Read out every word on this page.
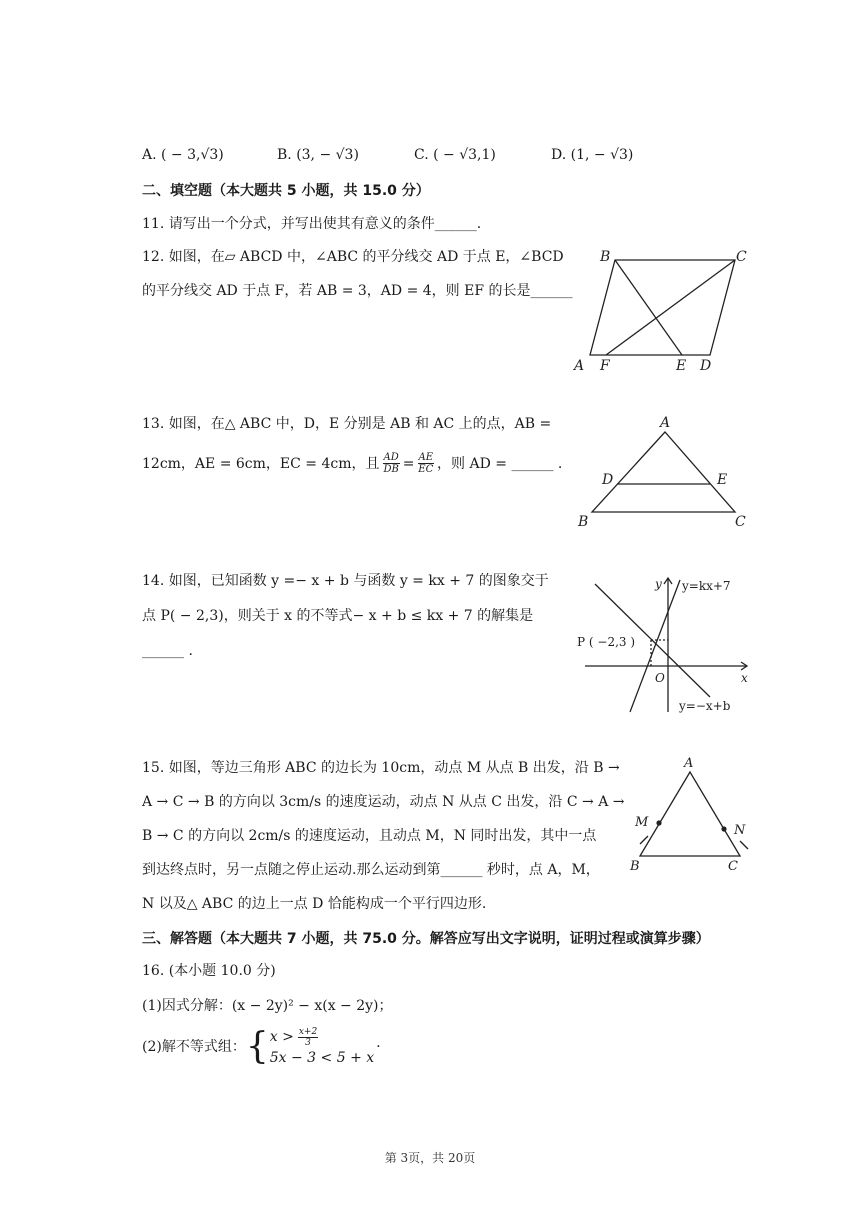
A. ( − 3,√3)	B. (3, − √3)	C. ( − √3,1)	D. (1, − √3)
二、填空题（本大题共 5 小题，共 15.0 分）
11. 请写出一个分式，并写出使其有意义的条件______.
12. 如图，在▱ ABCD 中，∠ABC 的平分线交 AD 于点 E，∠BCD
的平分线交 AD 于点 F，若 AB = 3，AD = 4，则 EF 的长是______
B	C
A F	E D
13. 如图，在△ ABC 中，D，E 分别是 AB 和 AC 上的点，AB =
12cm，AE = 6cm，EC = 4cm，且 $\frac{AD}{DB} = \frac{AE}{EC}$ ，则 AD = ______ .
A
D	E
B	C
14. 如图，已知函数 y =− x + b 与函数 y = kx + 7 的图象交于
点 P( − 2,3)，则关于 x 的不等式− x + b ≤ kx + 7 的解集是
______ .
y y=kx+7
P ( −2,3 )
O	x
y=−x+b
15. 如图，等边三角形 ABC 的边长为 10cm，动点 M 从点 B 出发，沿 B →
A → C → B 的方向以 3cm/s 的速度运动，动点 N 从点 C 出发，沿 C → A →
B → C 的方向以 2cm/s 的速度运动，且动点 M，N 同时出发，其中一点
到达终点时，另一点随之停止运动.那么运动到第______ 秒时，点 A，M，
N 以及△ ABC 的边上一点 D 恰能构成一个平行四边形.
A
M
N
B	C
三、解答题（本大题共 7 小题，共 75.0 分。解答应写出文字说明，证明过程或演算步骤）
16. (本小题 10.0 分)
(1)因式分解：(x − 2y)² − x(x − 2y)；
(2)解不等式组： { $x > \frac{x+2}{3}$
5x − 3 < 5 + x
.
第 3页，共 20页
